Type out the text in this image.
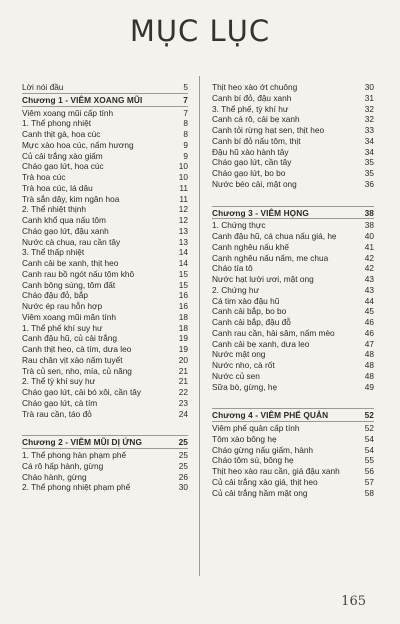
MỤC LỤC
Lời nói đầu	5
Chương 1 - VIÊM XOANG MŨI	7
Viêm xoang mũi cấp tính	7
1. Thể phong nhiệt	8
Canh thịt gà, hoa cúc	8
Mực xào hoa cúc, nấm hương	9
Củ cải trắng xào giấm	9
Cháo gạo lứt, hoa cúc	10
Trà hoa cúc	10
Trà hoa cúc, lá dâu	11
Trà sắn dây, kim ngân hoa	11
2. Thể nhiệt thịnh	12
Canh khổ qua nấu tôm	12
Cháo gạo lứt, đậu xanh	13
Nước cà chua, rau cần tây	13
3. Thể thấp nhiệt	14
Canh cải bẹ xanh, thịt heo	14
Canh rau bồ ngót nấu tôm khô	15
Canh bông súng, tôm đất	15
Cháo đậu đỏ, bắp	16
Nước ép rau hỗn hợp	16
Viêm xoang mũi mãn tính	18
1. Thể phế khí suy hư	18
Canh đậu hũ, củ cải trắng	19
Canh thịt heo, cà tím, dưa leo	19
Rau chân vịt xào nấm tuyết	20
Trà củ sen, nho, mía, củ năng	21
2. Thể tỳ khí suy hư	21
Cháo gạo lứt, cải bó xôi, cần tây	22
Cháo gạo lứt, cà tím	23
Trà rau cần, táo đỏ	24
Chương 2 - VIÊM MŨI DỊ ỨNG	25
1. Thể phong hàn phạm phế	25
Cá rô hấp hành, gừng	25
Cháo hành, gừng	26
2. Thể phong nhiệt phạm phế	30
Thịt heo xào ớt chuông	30
Canh bí đỏ, đậu xanh	31
3. Thể phế, tỳ khí hư	32
Canh cá rô, cải bẹ xanh	32
Canh tỏi rừng hạt sen, thịt heo	33
Canh bí đỏ nấu tôm, thịt	34
Đậu hũ xào hành tây	34
Cháo gạo lứt, cần tây	35
Cháo gạo lứt, bo bo	35
Nước béo cải, mật ong	36
Chương 3 - VIÊM HỌNG	38
1. Chứng thực	38
Canh đậu hũ, cá chua nấu giá, hẹ	40
Canh nghêu nấu khế	41
Canh nghêu nấu nấm, me chua	42
Cháo tía tô	42
Nước hạt lười ươi, mật ong	43
2. Chứng hư	43
Cá tim xào đậu hũ	44
Canh cải bắp, bo bo	45
Canh cải bắp, đậu đỗ	46
Canh rau cần, hải sâm, nấm mèo	46
Canh cải bẹ xanh, dưa leo	47
Nước mật ong	48
Nước nho, cà rốt	48
Nước củ sen	48
Sữa bò, gừng, hẹ	49
Chương 4 - VIÊM PHẾ QUẢN	52
Viêm phế quản cấp tính	52
Tôm xào bông hẹ	54
Cháo gừng nấu giấm, hành	54
Cháo tôm sú, bông hẹ	55
Thịt heo xào rau cần, giá đậu xanh	56
Củ cải trắng xào giá, thịt heo	57
Củ cải trắng hầm mật ong	58
165
